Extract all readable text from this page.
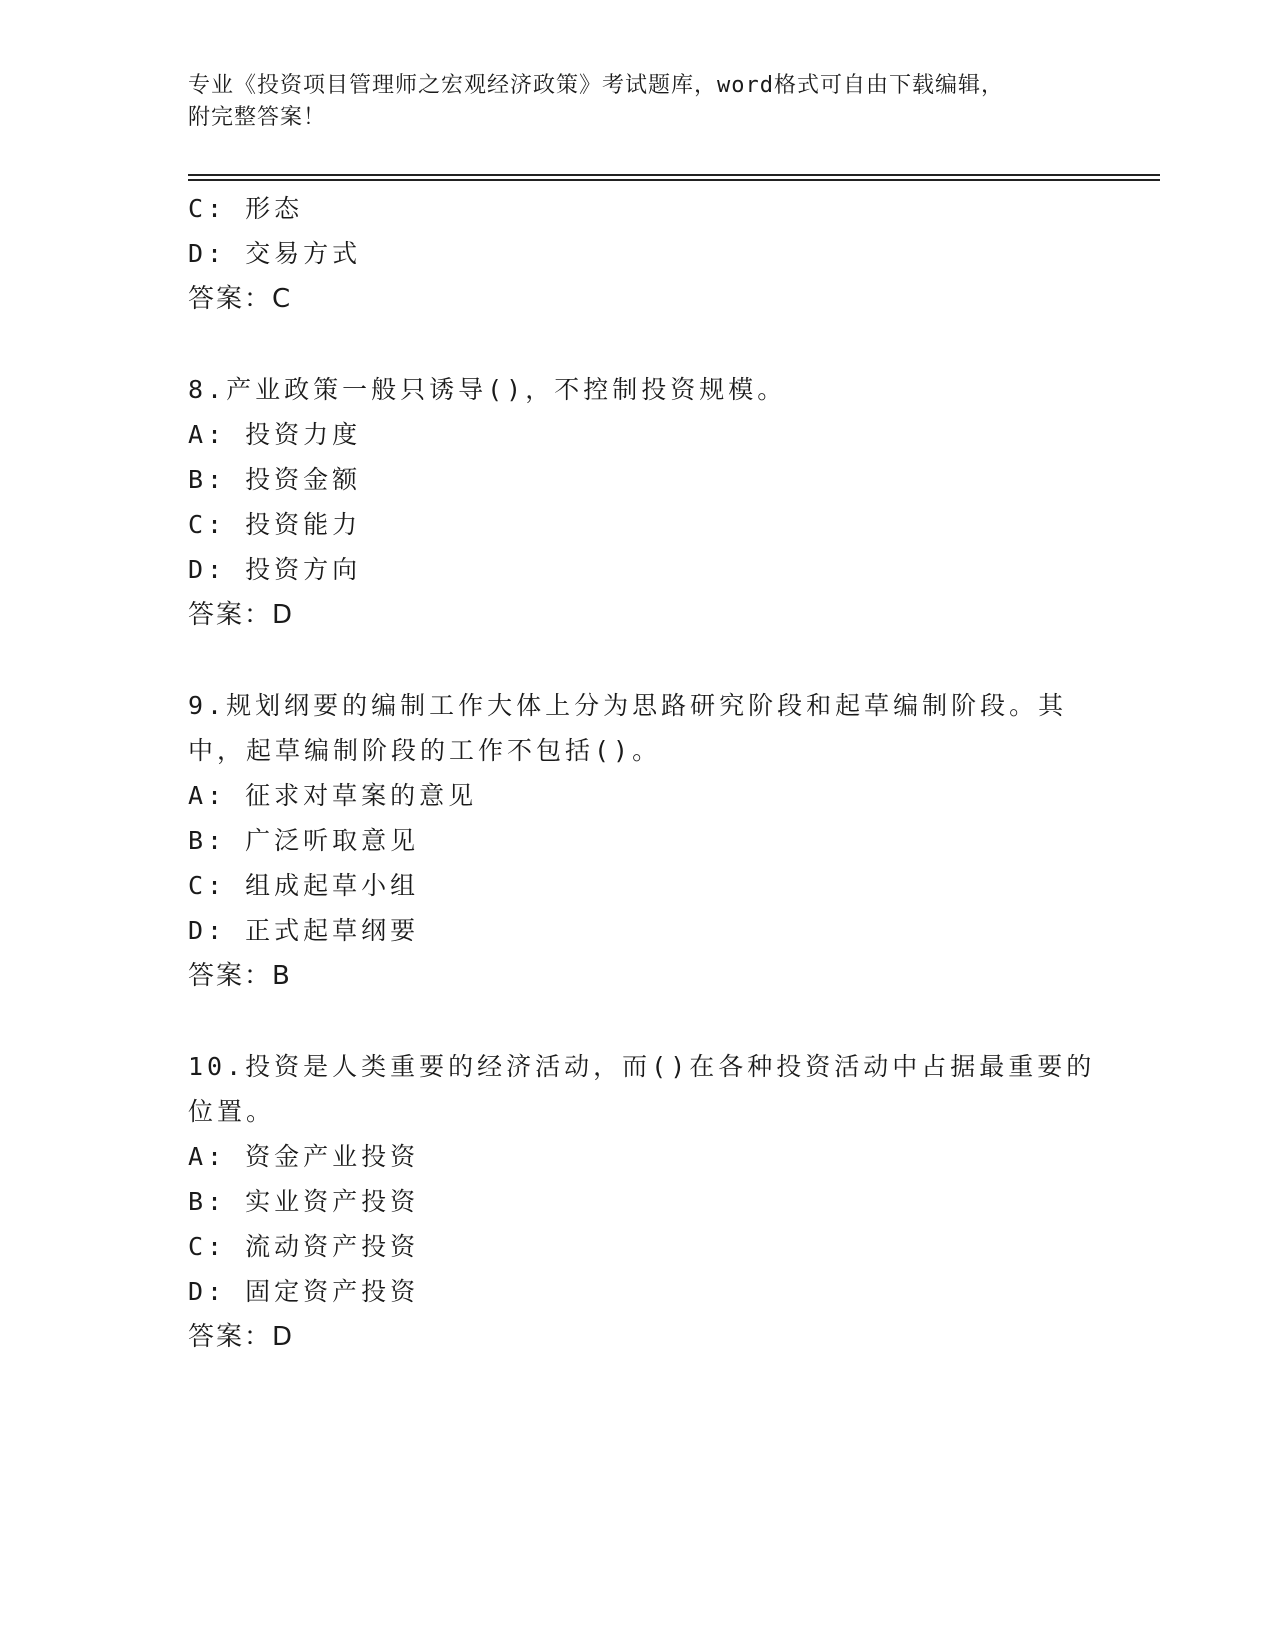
专业《投资项目管理师之宏观经济政策》考试题库，word格式可自由下载编辑，
附完整答案！
C: 形态
D: 交易方式
答案：C
8.产业政策一般只诱导()，不控制投资规模。
A: 投资力度
B: 投资金额
C: 投资能力
D: 投资方向
答案：D
9.规划纲要的编制工作大体上分为思路研究阶段和起草编制阶段。其
中，起草编制阶段的工作不包括()。
A: 征求对草案的意见
B: 广泛听取意见
C: 组成起草小组
D: 正式起草纲要
答案：B
10.投资是人类重要的经济活动，而()在各种投资活动中占据最重要的
位置。
A: 资金产业投资
B: 实业资产投资
C: 流动资产投资
D: 固定资产投资
答案：D
